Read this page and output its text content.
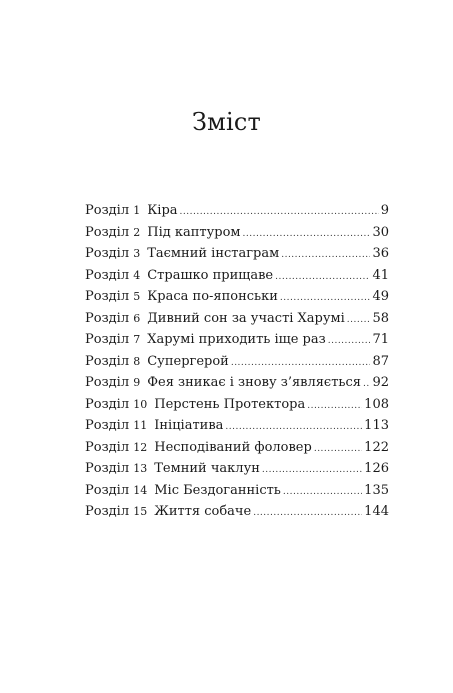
Зміст
Розділ 1 Кіра .....	9
Розділ 2 Під каптуром .....	30
Розділ 3 Таємний інстаграм .....	36
Розділ 4 Страшко прищаве .....	41
Розділ 5 Краса по-японськи .....	49
Розділ 6 Дивний сон за участі Харумі ..... 58
Розділ 7 Харумі приходить іще раз .....	71
Розділ 8 Супергерой .....	87
Розділ 9 Фея зникає і знову з’являється ..... 92
Розділ 10 Перстень Протектора .....	108
Розділ 11 Ініціатива .....	113
Розділ 12 Несподіваний фоловер .....	122
Розділ 13 Темний чаклун .....	126
Розділ 14 Міс Бездоганність .....	135
Розділ 15 Життя собаче .....	144
